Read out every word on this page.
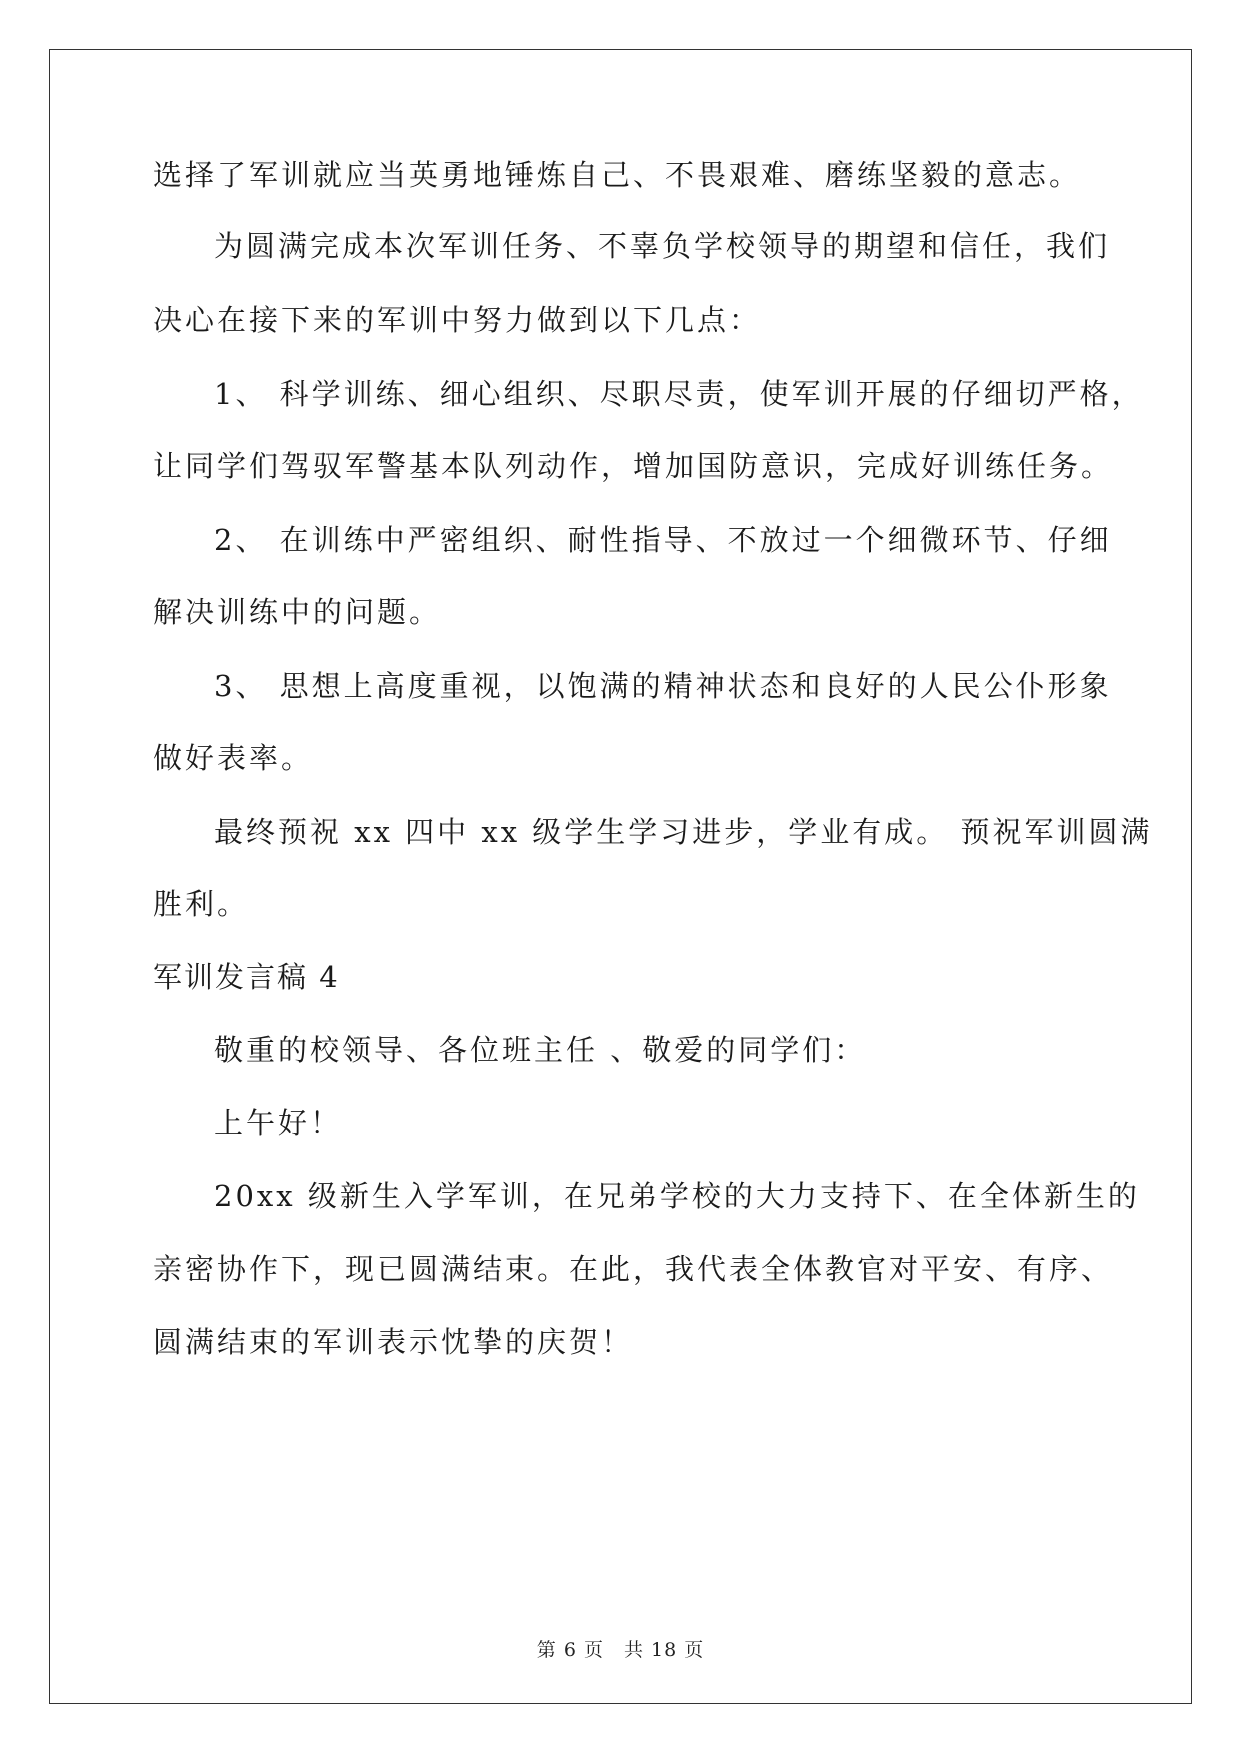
选择了军训就应当英勇地锤炼自己、不畏艰难、磨练坚毅的意志。
为圆满完成本次军训任务、不辜负学校领导的期望和信任，我们
决心在接下来的军训中努力做到以下几点：
1、 科学训练、细心组织、尽职尽责，使军训开展的仔细切严格，
让同学们驾驭军警基本队列动作，增加国防意识，完成好训练任务。
2、 在训练中严密组织、耐性指导、不放过一个细微环节、仔细
解决训练中的问题。
3、 思想上高度重视，以饱满的精神状态和良好的人民公仆形象
做好表率。
最终预祝 xx 四中 xx 级学生学习进步，学业有成。 预祝军训圆满
胜利。
军训发言稿 4
敬重的校领导、各位班主任 、敬爱的同学们：
上午好！
20xx 级新生入学军训，在兄弟学校的大力支持下、在全体新生的
亲密协作下，现已圆满结束。在此，我代表全体教官对平安、有序、
圆满结束的军训表示忱挚的庆贺！
第 6 页　共 18 页
